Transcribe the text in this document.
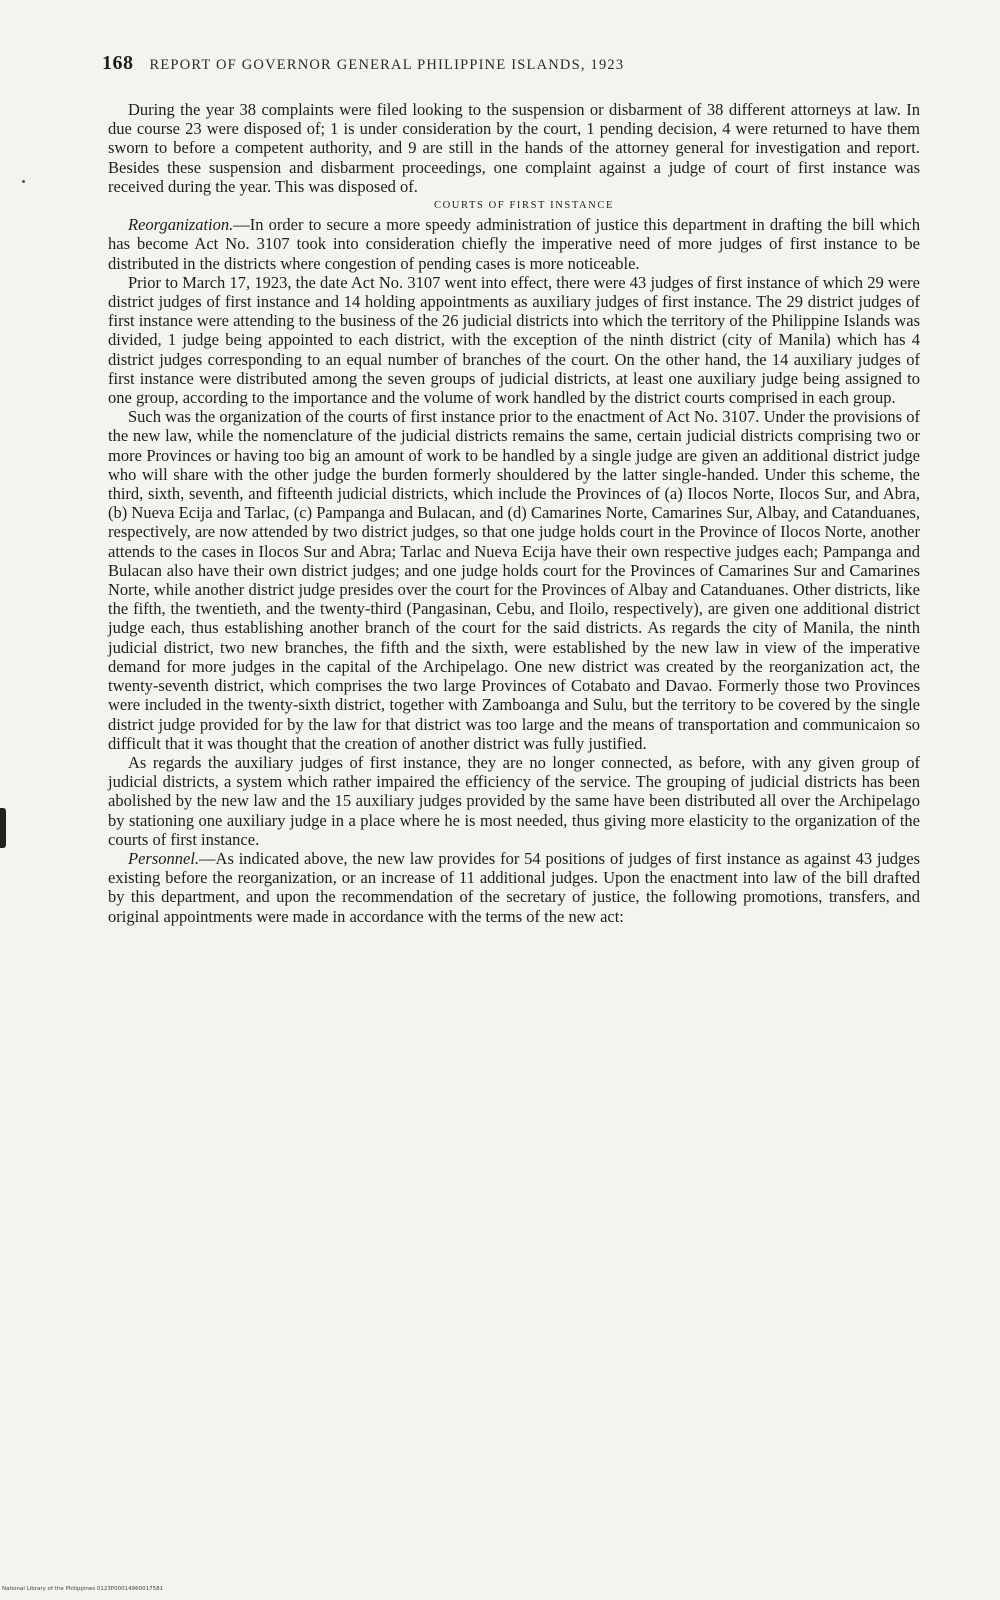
168 REPORT OF GOVERNOR GENERAL PHILIPPINE ISLANDS, 1923

During the year 38 complaints were filed looking to the suspension or disbarment of 38 different attorneys at law. In due course 23 were disposed of; 1 is under consideration by the court, 1 pending decision, 4 were returned to have them sworn to before a competent authority, and 9 are still in the hands of the attorney general for investigation and report. Besides these suspension and disbarment proceedings, one complaint against a judge of court of first instance was received during the year. This was disposed of.

COURTS OF FIRST INSTANCE

Reorganization.—In order to secure a more speedy administration of justice this department in drafting the bill which has become Act No. 3107 took into consideration chiefly the imperative need of more judges of first instance to be distributed in the districts where congestion of pending cases is more noticeable.

Prior to March 17, 1923, the date Act No. 3107 went into effect, there were 43 judges of first instance of which 29 were district judges of first instance and 14 holding appointments as auxiliary judges of first instance. The 29 district judges of first instance were attending to the business of the 26 judicial districts into which the territory of the Philippine Islands was divided, 1 judge being appointed to each district, with the exception of the ninth district (city of Manila) which has 4 district judges corresponding to an equal number of branches of the court. On the other hand, the 14 auxiliary judges of first instance were distributed among the seven groups of judicial districts, at least one auxiliary judge being assigned to one group, according to the importance and the volume of work handled by the district courts comprised in each group.

Such was the organization of the courts of first instance prior to the enactment of Act No. 3107. Under the provisions of the new law, while the nomenclature of the judicial districts remains the same, certain judicial districts comprising two or more Provinces or having too big an amount of work to be handled by a single judge are given an additional district judge who will share with the other judge the burden formerly shouldered by the latter single-handed. Under this scheme, the third, sixth, seventh, and fifteenth judicial districts, which include the Provinces of (a) Ilocos Norte, Ilocos Sur, and Abra, (b) Nueva Ecija and Tarlac, (c) Pampanga and Bulacan, and (d) Camarines Norte, Camarines Sur, Albay, and Catanduanes, respectively, are now attended by two district judges, so that one judge holds court in the Province of Ilocos Norte, another attends to the cases in Ilocos Sur and Abra; Tarlac and Nueva Ecija have their own respective judges each; Pampanga and Bulacan also have their own district judges; and one judge holds court for the Provinces of Camarines Sur and Camarines Norte, while another district judge presides over the court for the Provinces of Albay and Catanduanes. Other districts, like the fifth, the twentieth, and the twenty-third (Pangasinan, Cebu, and Iloilo, respectively), are given one additional district judge each, thus establishing another branch of the court for the said districts. As regards the city of Manila, the ninth judicial district, two new branches, the fifth and the sixth, were established by the new law in view of the imperative demand for more judges in the capital of the Archipelago. One new district was created by the reorganization act, the twenty-seventh district, which comprises the two large Provinces of Cotabato and Davao. Formerly those two Provinces were included in the twenty-sixth district, together with Zamboanga and Sulu, but the territory to be covered by the single district judge provided for by the law for that district was too large and the means of transportation and communicaion so difficult that it was thought that the creation of another district was fully justified.

As regards the auxiliary judges of first instance, they are no longer connected, as before, with any given group of judicial districts, a system which rather impaired the efficiency of the service. The grouping of judicial districts has been abolished by the new law and the 15 auxiliary judges provided by the same have been distributed all over the Archipelago by stationing one auxiliary judge in a place where he is most needed, thus giving more elasticity to the organization of the courts of first instance.

Personnel.—As indicated above, the new law provides for 54 positions of judges of first instance as against 43 judges existing before the reorganization, or an increase of 11 additional judges. Upon the enactment into law of the bill drafted by this department, and upon the recommendation of the secretary of justice, the following promotions, transfers, and original appointments were made in accordance with the terms of the new act:

National Library of the Philippines 0123P00014960017581
